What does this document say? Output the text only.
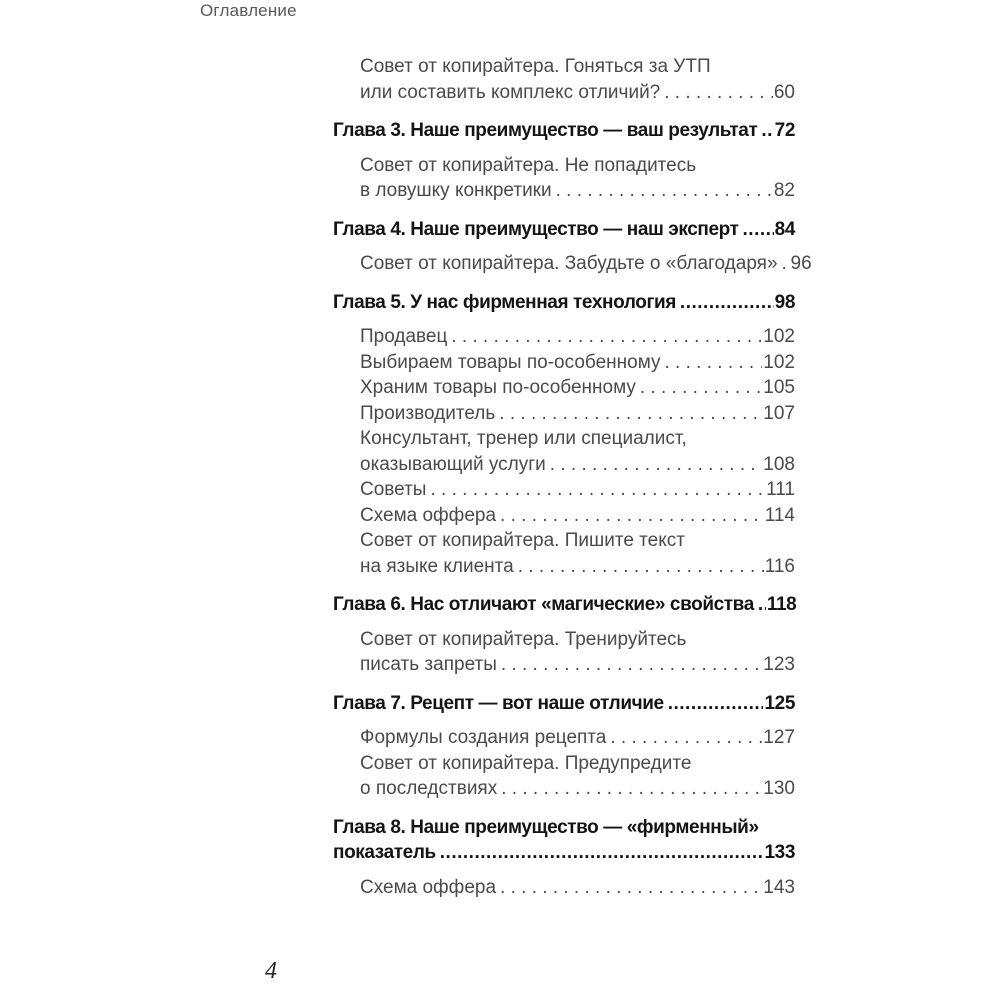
Оглавление
Совет от копирайтера. Гоняться за УТП
или составить комплекс отличий? . . .	60
Глава 3. Наше преимущество — ваш результат ..... 72
Совет от копирайтера. Не попадитесь
в ловушку конкретики . . .	82
Глава 4. Наше преимущество — наш эксперт ..... 84
Совет от копирайтера. Забудьте о «благодаря» . . . 96
Глава 5. У нас фирменная технология .....	98
Продавец . . .	102
Выбираем товары по-особенному . . .	102
Храним товары по-особенному . . .	105
Производитель . . .	107
Консультант, тренер или специалист,
оказывающий услуги . . .	108
Советы . . .	111
Схема оффера . . .	114
Совет от копирайтера. Пишите текст
на языке клиента . . .	116
Глава 6. Нас отличают «магические» свойства ..... 118
Совет от копирайтера. Тренируйтесь
писать запреты . . .	123
Глава 7. Рецепт — вот наше отличие .....	125
Формулы создания рецепта . . .	127
Совет от копирайтера. Предупредите
о последствиях . . .	130
Глава 8. Наше преимущество — «фирменный»
показатель .....	133
Схема оффера . . .	143
4
